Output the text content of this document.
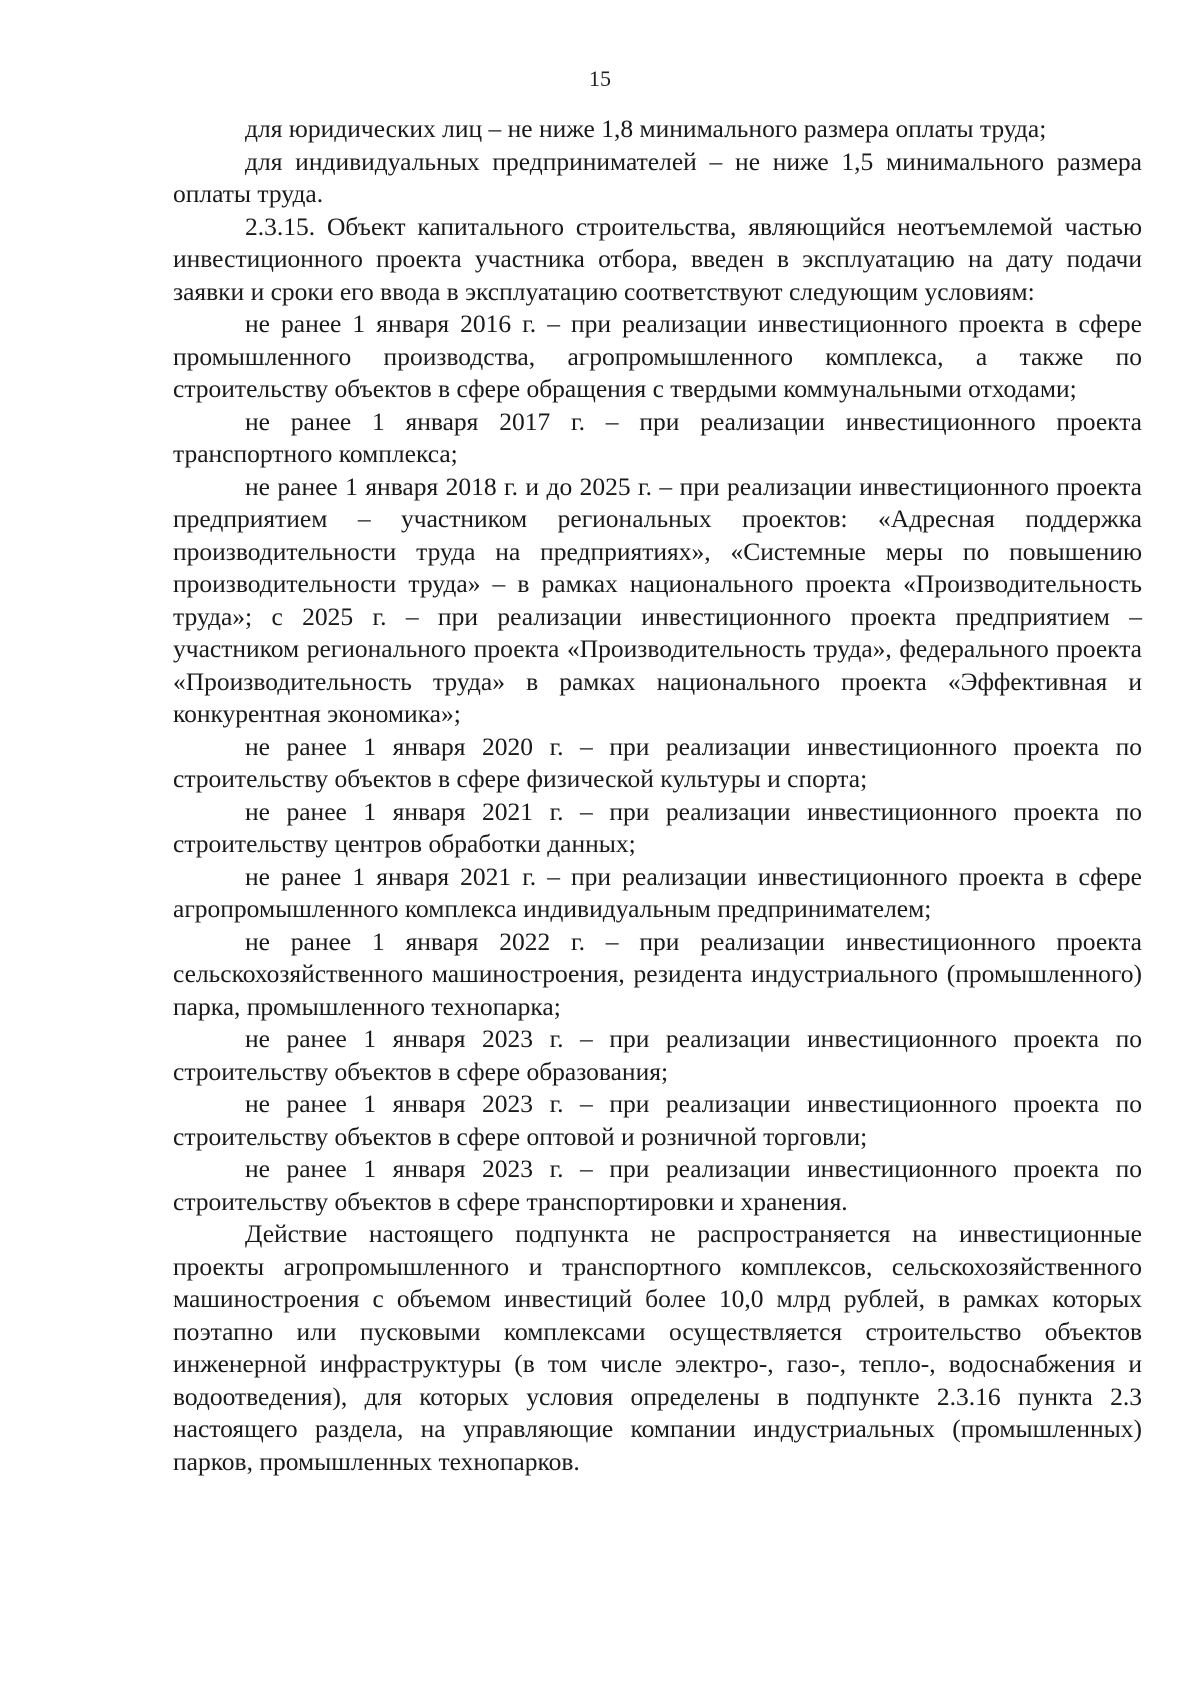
15

для юридических лиц – не ниже 1,8 минимального размера оплаты труда;

для индивидуальных предпринимателей – не ниже 1,5 минимального размера оплаты труда.

2.3.15. Объект капитального строительства, являющийся неотъемлемой частью инвестиционного проекта участника отбора, введен в эксплуатацию на дату подачи заявки и сроки его ввода в эксплуатацию соответствуют следующим условиям:

не ранее 1 января 2016 г. – при реализации инвестиционного проекта в сфере промышленного производства, агропромышленного комплекса, а также по строительству объектов в сфере обращения с твердыми коммунальными отходами;

не ранее 1 января 2017 г. – при реализации инвестиционного проекта транспортного комплекса;

не ранее 1 января 2018 г. и до 2025 г. – при реализации инвестиционного проекта предприятием – участником региональных проектов: «Адресная поддержка производительности труда на предприятиях», «Системные меры по повышению производительности труда» – в рамках национального проекта «Производительность труда»; с 2025 г. – при реализации инвестиционного проекта предприятием – участником регионального проекта «Производительность труда», федерального проекта «Производительность труда» в рамках национального проекта «Эффективная и конкурентная экономика»;

не ранее 1 января 2020 г. – при реализации инвестиционного проекта по строительству объектов в сфере физической культуры и спорта;

не ранее 1 января 2021 г. – при реализации инвестиционного проекта по строительству центров обработки данных;

не ранее 1 января 2021 г. – при реализации инвестиционного проекта в сфере агропромышленного комплекса индивидуальным предпринимателем;

не ранее 1 января 2022 г. – при реализации инвестиционного проекта сельскохозяйственного машиностроения, резидента индустриального (промышленного) парка, промышленного технопарка;

не ранее 1 января 2023 г. – при реализации инвестиционного проекта по строительству объектов в сфере образования;

не ранее 1 января 2023 г. – при реализации инвестиционного проекта по строительству объектов в сфере оптовой и розничной торговли;

не ранее 1 января 2023 г. – при реализации инвестиционного проекта по строительству объектов в сфере транспортировки и хранения.

Действие настоящего подпункта не распространяется на инвестиционные проекты агропромышленного и транспортного комплексов, сельскохозяйственного машиностроения с объемом инвестиций более 10,0 млрд рублей, в рамках которых поэтапно или пусковыми комплексами осуществляется строительство объектов инженерной инфраструктуры (в том числе электро-, газо-, тепло-, водоснабжения и водоотведения), для которых условия определены в подпункте 2.3.16 пункта 2.3 настоящего раздела, на управляющие компании индустриальных (промышленных) парков, промышленных технопарков.
